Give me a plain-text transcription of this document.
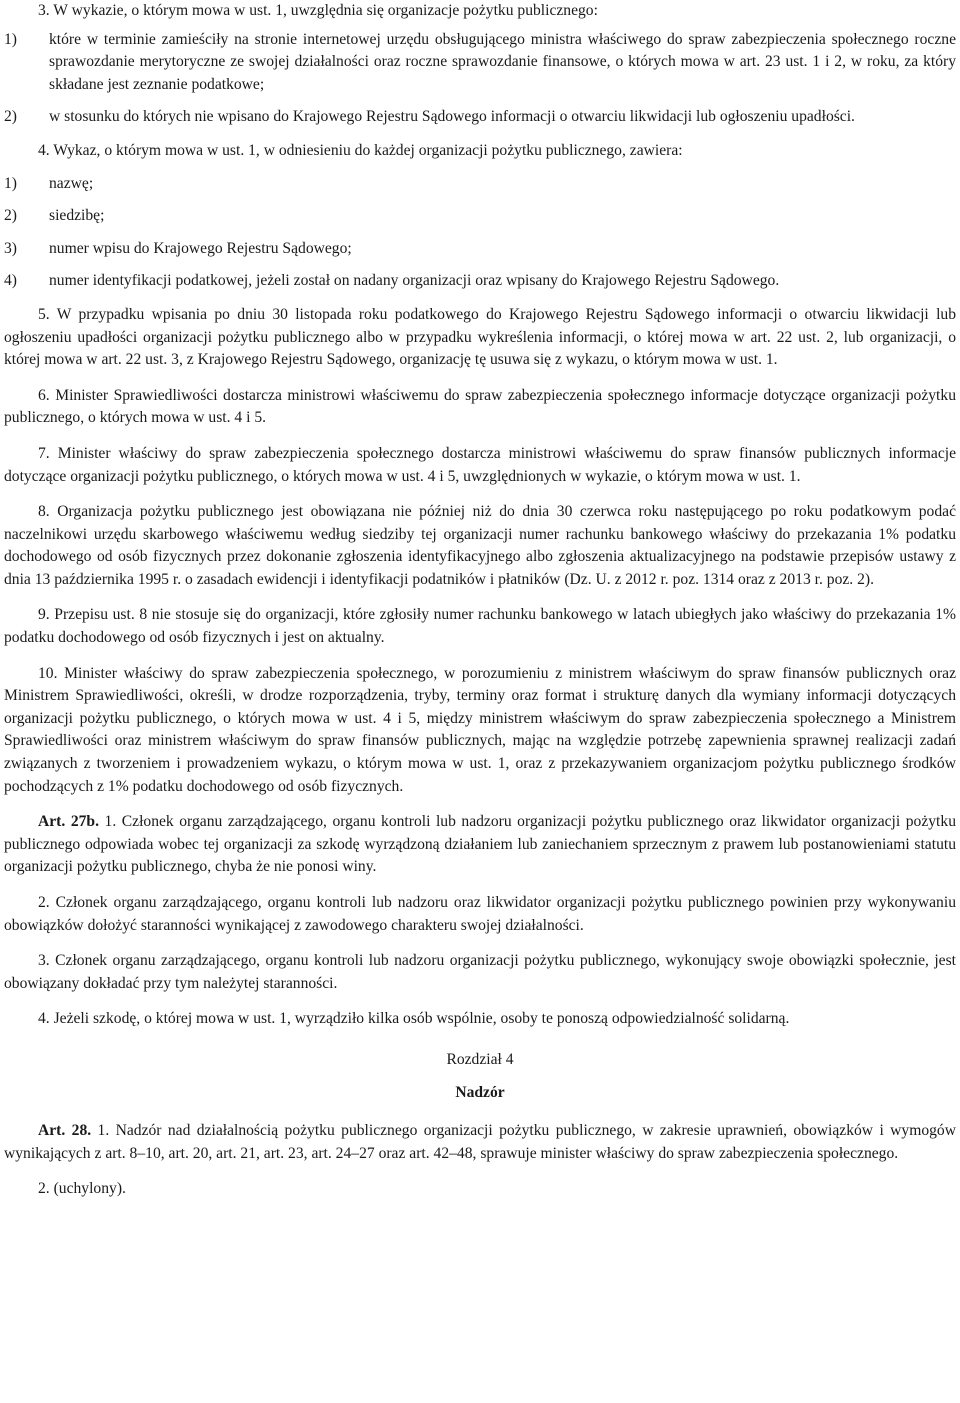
3. W wykazie, o którym mowa w ust. 1, uwzględnia się organizacje pożytku publicznego:

1)	które w terminie zamieściły na stronie internetowej urzędu obsługującego ministra właściwego do spraw zabezpieczenia społecznego roczne sprawozdanie merytoryczne ze swojej działalności oraz roczne sprawozdanie finansowe, o których mowa w art. 23 ust. 1 i 2, w roku, za który składane jest zeznanie podatkowe;
2)	w stosunku do których nie wpisano do Krajowego Rejestru Sądowego informacji o otwarciu likwidacji lub ogłoszeniu upadłości.

4. Wykaz, o którym mowa w ust. 1, w odniesieniu do każdej organizacji pożytku publicznego, zawiera:

1)	nazwę;
2)	siedzibę;
3)	numer wpisu do Krajowego Rejestru Sądowego;
4)	numer identyfikacji podatkowej, jeżeli został on nadany organizacji oraz wpisany do Krajowego Rejestru Sądowego.

5. W przypadku wpisania po dniu 30 listopada roku podatkowego do Krajowego Rejestru Sądowego informacji o otwarciu likwidacji lub ogłoszeniu upadłości organizacji pożytku publicznego albo w przypadku wykreślenia informacji, o której mowa w art. 22 ust. 2, lub organizacji, o której mowa w art. 22 ust. 3, z Krajowego Rejestru Sądowego, organizację tę usuwa się z wykazu, o którym mowa w ust. 1.

6. Minister Sprawiedliwości dostarcza ministrowi właściwemu do spraw zabezpieczenia społecznego informacje dotyczące organizacji pożytku publicznego, o których mowa w ust. 4 i 5.

7. Minister właściwy do spraw zabezpieczenia społecznego dostarcza ministrowi właściwemu do spraw finansów publicznych informacje dotyczące organizacji pożytku publicznego, o których mowa w ust. 4 i 5, uwzględnionych w wykazie, o którym mowa w ust. 1.

8. Organizacja pożytku publicznego jest obowiązana nie później niż do dnia 30 czerwca roku następującego po roku podatkowym podać naczelnikowi urzędu skarbowego właściwemu według siedziby tej organizacji numer rachunku bankowego właściwy do przekazania 1% podatku dochodowego od osób fizycznych przez dokonanie zgłoszenia identyfikacyjnego albo zgłoszenia aktualizacyjnego na podstawie przepisów ustawy z dnia 13 października 1995 r. o zasadach ewidencji i identyfikacji podatników i płatników (Dz. U. z 2012 r. poz. 1314 oraz z 2013 r. poz. 2).

9. Przepisu ust. 8 nie stosuje się do organizacji, które zgłosiły numer rachunku bankowego w latach ubiegłych jako właściwy do przekazania 1% podatku dochodowego od osób fizycznych i jest on aktualny.

10. Minister właściwy do spraw zabezpieczenia społecznego, w porozumieniu z ministrem właściwym do spraw finansów publicznych oraz Ministrem Sprawiedliwości, określi, w drodze rozporządzenia, tryby, terminy oraz format i strukturę danych dla wymiany informacji dotyczących organizacji pożytku publicznego, o których mowa w ust. 4 i 5, między ministrem właściwym do spraw zabezpieczenia społecznego a Ministrem Sprawiedliwości oraz ministrem właściwym do spraw finansów publicznych, mając na względzie potrzebę zapewnienia sprawnej realizacji zadań związanych z tworzeniem i prowadzeniem wykazu, o którym mowa w ust. 1, oraz z przekazywaniem organizacjom pożytku publicznego środków pochodzących z 1% podatku dochodowego od osób fizycznych.

Art. 27b. 1. Członek organu zarządzającego, organu kontroli lub nadzoru organizacji pożytku publicznego oraz likwidator organizacji pożytku publicznego odpowiada wobec tej organizacji za szkodę wyrządzoną działaniem lub zaniechaniem sprzecznym z prawem lub postanowieniami statutu organizacji pożytku publicznego, chyba że nie ponosi winy.

2. Członek organu zarządzającego, organu kontroli lub nadzoru oraz likwidator organizacji pożytku publicznego powinien przy wykonywaniu obowiązków dołożyć staranności wynikającej z zawodowego charakteru swojej działalności.

3. Członek organu zarządzającego, organu kontroli lub nadzoru organizacji pożytku publicznego, wykonujący swoje obowiązki społecznie, jest obowiązany dokładać przy tym należytej staranności.

4. Jeżeli szkodę, o której mowa w ust. 1, wyrządziło kilka osób wspólnie, osoby te ponoszą odpowiedzialność solidarną.

Rozdział 4

Nadzór

Art. 28. 1. Nadzór nad działalnością pożytku publicznego organizacji pożytku publicznego, w zakresie uprawnień, obowiązków i wymogów wynikających z art. 8–10, art. 20, art. 21, art. 23, art. 24–27 oraz art. 42–48, sprawuje minister właściwy do spraw zabezpieczenia społecznego.

2. (uchylony).
